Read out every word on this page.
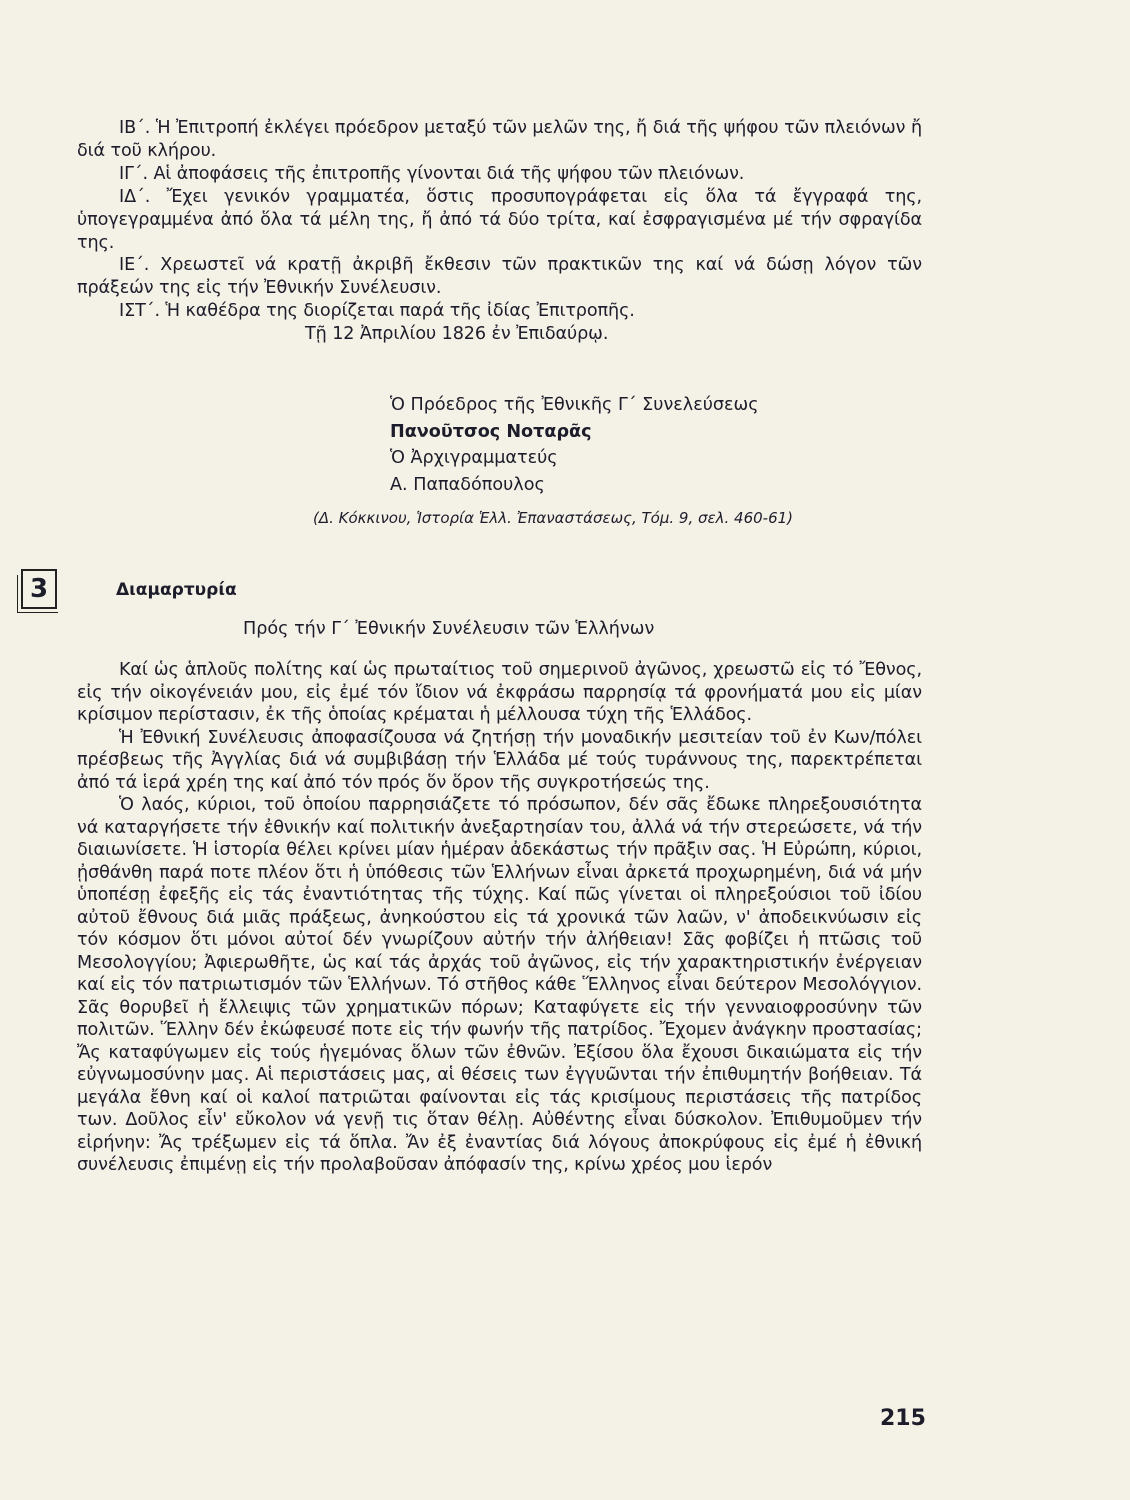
ΙΒ΄. Ἡ Ἐπιτροπή ἐκλέγει πρόεδρον μεταξύ τῶν μελῶν της, ἤ διά τῆς ψήφου τῶν πλειόνων ἤ διά τοῦ κλήρου.

ΙΓ΄. Αἱ ἀποφάσεις τῆς ἐπιτροπῆς γίνονται διά τῆς ψήφου τῶν πλειόνων.

ΙΔ΄. Ἔχει γενικόν γραμματέα, ὅστις προσυπογράφεται εἰς ὅλα τά ἔγγραφά της, ὑπογεγραμμένα ἀπό ὅλα τά μέλη της, ἤ ἀπό τά δύο τρίτα, καί ἐσφραγισμένα μέ τήν σφραγίδα της.

ΙΕ΄. Χρεωστεῖ νά κρατῇ ἀκριβῆ ἔκθεσιν τῶν πρακτικῶν της καί νά δώσῃ λόγον τῶν πράξεών της εἰς τήν Ἐθνικήν Συνέλευσιν.

ΙΣΤ΄. Ἡ καθέδρα της διορίζεται παρά τῆς ἰδίας Ἐπιτροπῆς.

Τῇ 12 Ἀπριλίου 1826 ἐν Ἐπιδαύρῳ.

Ὁ Πρόεδρος τῆς Ἐθνικῆς Γ΄ Συνελεύσεως
Πανοῦτσος Νοταρᾶς
Ὁ Ἀρχιγραμματεύς
Α. Παπαδόπουλος
(Δ. Κόκκινου, Ἱστορία Ἑλλ. Ἐπαναστάσεως, Τόμ. 9, σελ. 460-61)
3	Διαμαρτυρία
Πρός τήν Γ΄ Ἐθνικήν Συνέλευσιν τῶν Ἑλλήνων

Καί ὡς ἁπλοῦς πολίτης καί ὡς πρωταίτιος τοῦ σημερινοῦ ἀγῶνος, χρεωστῶ εἰς τό Ἔθνος, εἰς τήν οἰκογένειάν μου, εἰς ἐμέ τόν ἴδιον νά ἐκφράσω παρρησίᾳ τά φρονήματά μου εἰς μίαν κρίσιμον περίστασιν, ἐκ τῆς ὁποίας κρέμαται ἡ μέλλουσα τύχη τῆς Ἑλλάδος.

Ἡ Ἐθνική Συνέλευσις ἀποφασίζουσα νά ζητήσῃ τήν μοναδικήν μεσιτείαν τοῦ ἐν Κων/πόλει πρέσβεως τῆς Ἀγγλίας διά νά συμβιβάσῃ τήν Ἑλλάδα μέ τούς τυράννους της, παρεκτρέπεται ἀπό τά ἱερά χρέη της καί ἀπό τόν πρός ὅν ὅρον τῆς συγκροτήσεώς της.

Ὁ λαός, κύριοι, τοῦ ὁποίου παρρησιάζετε τό πρόσωπον, δέν σᾶς ἔδωκε πληρεξουσιότητα νά καταργήσετε τήν ἐθνικήν καί πολιτικήν ἀνεξαρτησίαν του, ἀλλά νά τήν στερεώσετε, νά τήν διαιωνίσετε. Ἡ ἱστορία θέλει κρίνει μίαν ἡμέραν ἀδεκάστως τήν πρᾶξιν σας. Ἡ Εὐρώπη, κύριοι, ᾐσθάνθη παρά ποτε πλέον ὅτι ἡ ὑπόθεσις τῶν Ἑλλήνων εἶναι ἀρκετά προχωρημένη, διά νά μήν ὑποπέσῃ ἐφεξῆς εἰς τάς ἐναντιότητας τῆς τύχης. Καί πῶς γίνεται οἱ πληρεξούσιοι τοῦ ἰδίου αὐτοῦ ἔθνους διά μιᾶς πράξεως, ἀνηκούστου εἰς τά χρονικά τῶν λαῶν, ν' ἀποδεικνύωσιν εἰς τόν κόσμον ὅτι μόνοι αὐτοί δέν γνωρίζουν αὐτήν τήν ἀλήθειαν! Σᾶς φοβίζει ἡ πτῶσις τοῦ Μεσολογγίου; Ἀφιερωθῆτε, ὡς καί τάς ἀρχάς τοῦ ἀγῶνος, εἰς τήν χαρακτηριστικήν ἐνέργειαν καί εἰς τόν πατριωτισμόν τῶν Ἑλλήνων. Τό στῆθος κάθε Ἕλληνος εἶναι δεύτερον Μεσολόγγιον. Σᾶς θορυβεῖ ἡ ἔλλειψις τῶν χρηματικῶν πόρων; Καταφύγετε εἰς τήν γενναιοφροσύνην τῶν πολιτῶν. Ἕλλην δέν ἐκώφευσέ ποτε εἰς τήν φωνήν τῆς πατρίδος. Ἔχομεν ἀνάγκην προστασίας; Ἄς καταφύγωμεν εἰς τούς ἡγεμόνας ὅλων τῶν ἐθνῶν. Ἐξίσου ὅλα ἔχουσι δικαιώματα εἰς τήν εὐγνωμοσύνην μας. Αἱ περιστάσεις μας, αἱ θέσεις των ἐγγυῶνται τήν ἐπιθυμητήν βοήθειαν. Τά μεγάλα ἔθνη καί οἱ καλοί πατριῶται φαίνονται εἰς τάς κρισίμους περιστάσεις τῆς πατρίδος των. Δοῦλος εἶν' εὔκολον νά γενῇ τις ὅταν θέλῃ. Αὐθέντης εἶναι δύσκολον. Ἐπιθυμοῦμεν τήν εἰρήνην: Ἄς τρέξωμεν εἰς τά ὅπλα. Ἄν ἐξ ἐναντίας διά λόγους ἀποκρύφους εἰς ἐμέ ἡ ἐθνική συνέλευσις ἐπιμένῃ εἰς τήν προλαβοῦσαν ἀπόφασίν της, κρίνω χρέος μου ἱερόν

215
